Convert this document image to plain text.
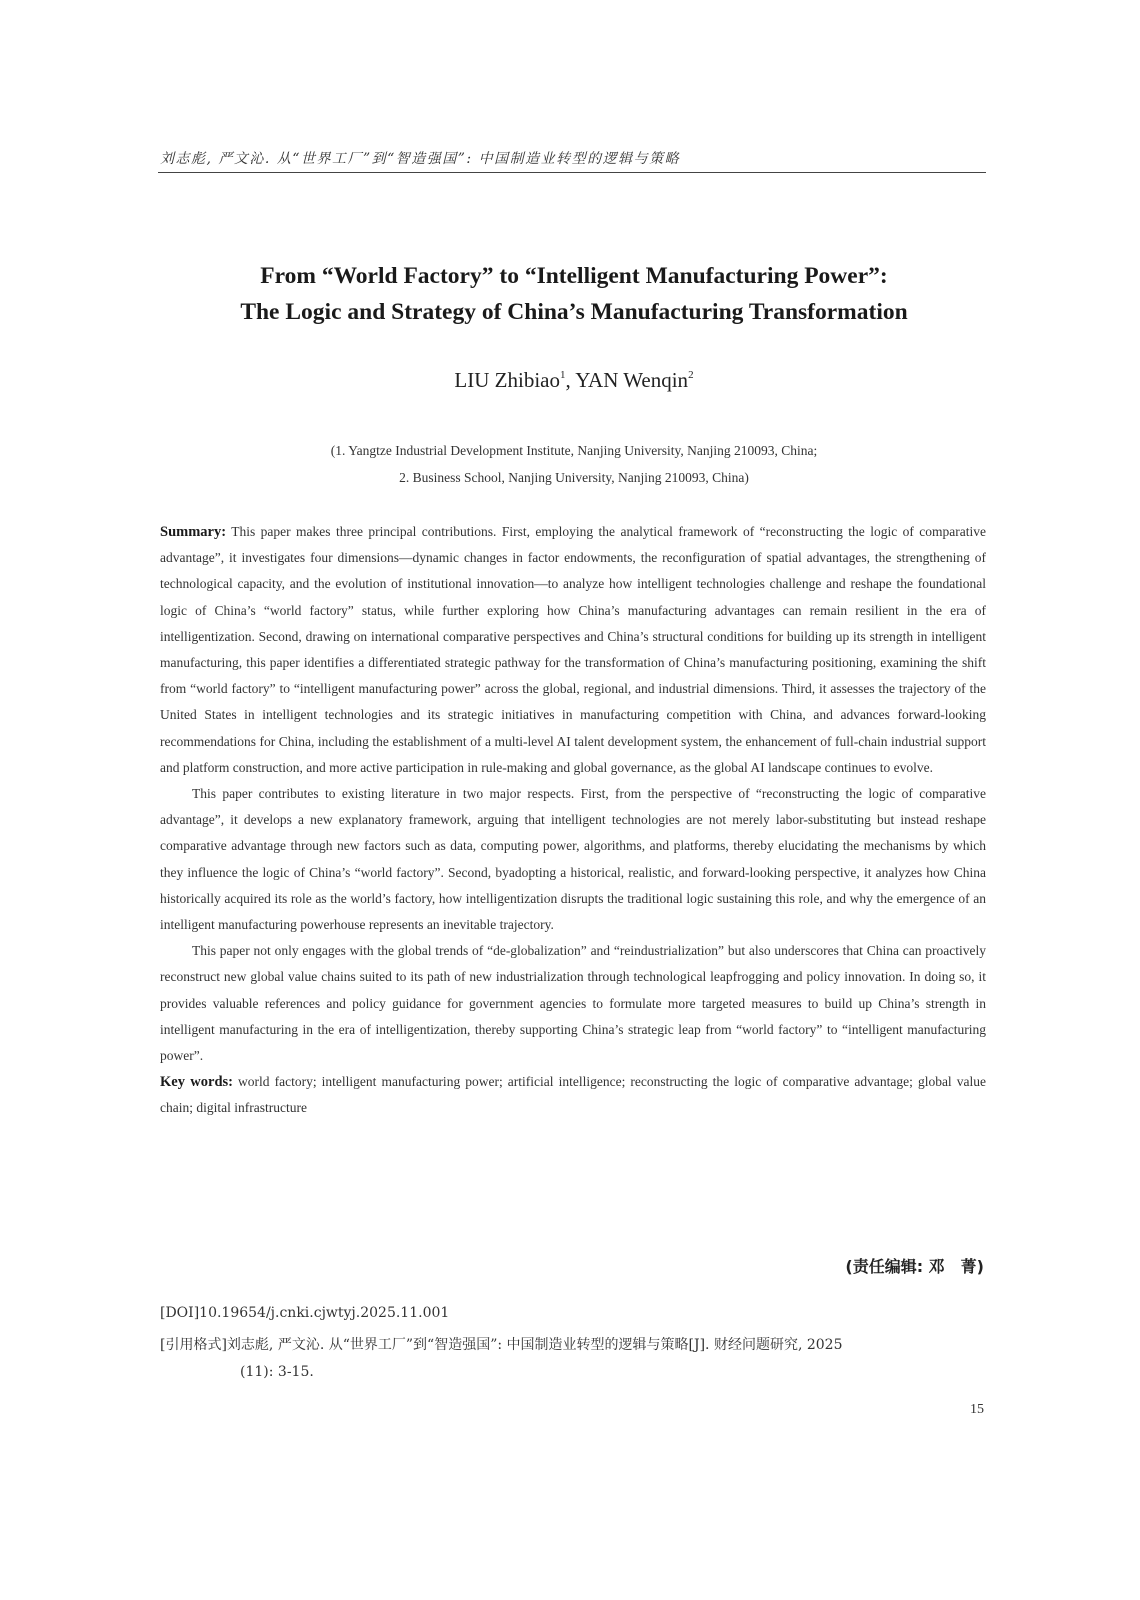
刘志彪, 严文沁. 从“世界工厂”到“智造强国”: 中国制造业转型的逻辑与策略
From “World Factory” to “Intelligent Manufacturing Power”:
The Logic and Strategy of China’s Manufacturing Transformation
LIU Zhibiao$^1$, YAN Wenqin$^2$
(1. Yangtze Industrial Development Institute, Nanjing University, Nanjing 210093, China;
2. Business School, Nanjing University, Nanjing 210093, China)

Summary: This paper makes three principal contributions. First, employing the analytical framework of “reconstructing the logic of comparative advantage”, it investigates four dimensions—dynamic changes in factor endowments, the reconfiguration of spatial advantages, the strengthening of technological capacity, and the evolution of institutional innovation—to analyze how intelligent technologies challenge and reshape the foundational logic of China’s “world factory” status, while further exploring how China’s manufacturing advantages can remain resilient in the era of intelligentization. Second, drawing on international comparative perspectives and China’s structural conditions for building up its strength in intelligent manufacturing, this paper identifies a differentiated strategic pathway for the transformation of China’s manufacturing positioning, examining the shift from “world factory” to “intelligent manufacturing power” across the global, regional, and industrial dimensions. Third, it assesses the trajectory of the United States in intelligent technologies and its strategic initiatives in manufacturing competition with China, and advances forward-looking recommendations for China, including the establishment of a multi-level AI talent development system, the enhancement of full-chain industrial support and platform construction, and more active participation in rule-making and global governance, as the global AI landscape continues to evolve.

This paper contributes to existing literature in two major respects. First, from the perspective of “reconstructing the logic of comparative advantage”, it develops a new explanatory framework, arguing that intelligent technologies are not merely labor-substituting but instead reshape comparative advantage through new factors such as data, computing power, algorithms, and platforms, thereby elucidating the mechanisms by which they influence the logic of China’s “world factory”. Second, byadopting a historical, realistic, and forward-looking perspective, it analyzes how China historically acquired its role as the world’s factory, how intelligentization disrupts the traditional logic sustaining this role, and why the emergence of an intelligent manufacturing powerhouse represents an inevitable trajectory.

This paper not only engages with the global trends of “de-globalization” and “reindustrialization” but also underscores that China can proactively reconstruct new global value chains suited to its path of new industrialization through technological leapfrogging and policy innovation. In doing so, it provides valuable references and policy guidance for government agencies to formulate more targeted measures to build up China’s strength in intelligent manufacturing in the era of intelligentization, thereby supporting China’s strategic leap from “world factory” to “intelligent manufacturing power”.

Key words: world factory; intelligent manufacturing power; artificial intelligence; reconstructing the logic of comparative advantage; global value chain; digital infrastructure

(责任编辑: 邓　菁)
[DOI]10.19654/j.cnki.cjwtyj.2025.11.001
[引用格式]刘志彪, 严文沁. 从“世界工厂”到“智造强国”: 中国制造业转型的逻辑与策略[J]. 财经问题研究, 2025
(11): 3-15.
15
